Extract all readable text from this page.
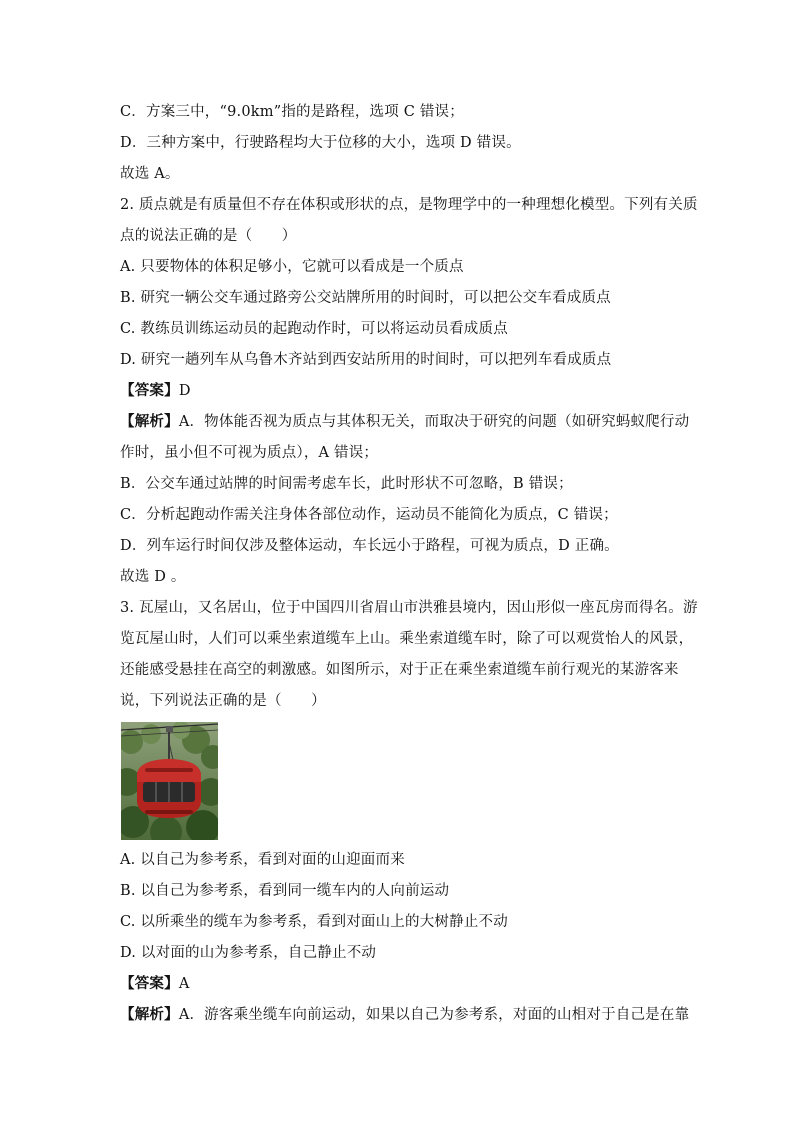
C．方案三中，“9.0km”指的是路程，选项 C 错误；
D．三种方案中，行驶路程均大于位移的大小，选项 D 错误。
故选 A。
2. 质点就是有质量但不存在体积或形状的点，是物理学中的一种理想化模型。下列有关质
点的说法正确的是（　　）
A. 只要物体的体积足够小，它就可以看成是一个质点
B. 研究一辆公交车通过路旁公交站牌所用的时间时，可以把公交车看成质点
C. 教练员训练运动员的起跑动作时，可以将运动员看成质点
D. 研究一趟列车从乌鲁木齐站到西安站所用的时间时，可以把列车看成质点
【答案】D
【解析】A．物体能否视为质点与其体积无关，而取决于研究的问题（如研究蚂蚁爬行动
作时，虽小但不可视为质点），A 错误；
B．公交车通过站牌的时间需考虑车长，此时形状不可忽略，B 错误；
C．分析起跑动作需关注身体各部位动作，运动员不能简化为质点，C 错误；
D．列车运行时间仅涉及整体运动，车长远小于路程，可视为质点，D 正确。
故选 D 。
3. 瓦屋山，又名居山，位于中国四川省眉山市洪雅县境内，因山形似一座瓦房而得名。游
览瓦屋山时，人们可以乘坐索道缆车上山。乘坐索道缆车时，除了可以观赏怡人的风景，
还能感受悬挂在高空的刺激感。如图所示，对于正在乘坐索道缆车前行观光的某游客来
说，下列说法正确的是（　　）
A. 以自己为参考系，看到对面的山迎面而来
B. 以自己为参考系，看到同一缆车内的人向前运动
C. 以所乘坐的缆车为参考系，看到对面山上的大树静止不动
D. 以对面的山为参考系，自己静止不动
【答案】A
【解析】A．游客乘坐缆车向前运动，如果以自己为参考系，对面的山相对于自己是在靠
